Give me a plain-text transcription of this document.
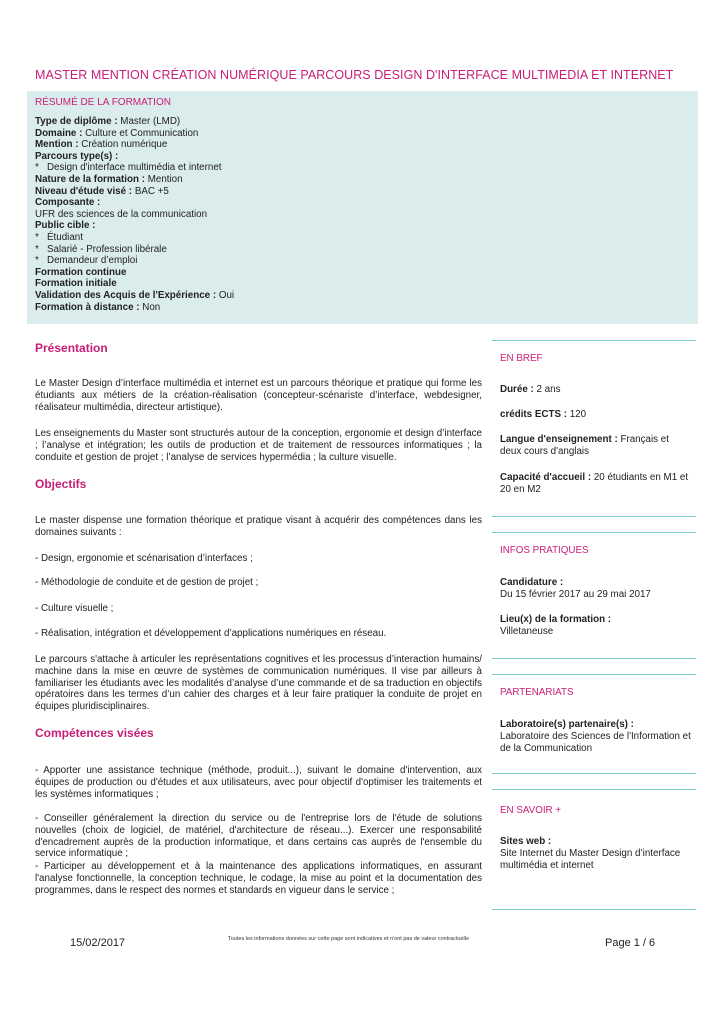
MASTER MENTION CRÉATION NUMÉRIQUE PARCOURS DESIGN D'INTERFACE MULTIMEDIA ET INTERNET
RÉSUMÉ DE LA FORMATION
Type de diplôme : Master (LMD)
Domaine : Culture et Communication
Mention : Création numérique
Parcours type(s) :
* Design d'interface multimédia et internet
Nature de la formation : Mention
Niveau d'étude visé : BAC +5
Composante :
UFR des sciences de la communication
Public cible :
* Étudiant
* Salarié - Profession libérale
* Demandeur d’emploi
Formation continue
Formation initiale
Validation des Acquis de l'Expérience : Oui
Formation à distance : Non
Présentation
Le Master Design d’interface multimédia et internet est un parcours théorique et pratique qui forme les étudiants aux métiers de la création-réalisation (concepteur-scénariste d’interface, webdesigner, réalisateur multimédia, directeur artistique).
Les enseignements du Master sont structurés autour de la conception, ergonomie et design d’interface ; l’analyse et intégration; les outils de production et de traitement de ressources informatiques ; la conduite et gestion de projet ; l’analyse de services hypermédia ; la culture visuelle.
Objectifs
Le master dispense une formation théorique et pratique visant à acquérir des compétences dans les domaines suivants :
- Design, ergonomie et scénarisation d’interfaces ;
- Méthodologie de conduite et de gestion de projet ;
- Culture visuelle ;
- Réalisation, intégration et développement d’applications numériques en réseau.
Le parcours s'attache à articuler les représentations cognitives et les processus d’interaction humains/ machine dans la mise en œuvre de systèmes de communication numériques. Il vise par ailleurs à familiariser les étudiants avec les modalités d’analyse d’une commande et de sa traduction en objectifs opératoires dans les termes d’un cahier des charges et à leur faire pratiquer la conduite de projet en équipes pluridisciplinaires.
Compétences visées
- Apporter une assistance technique (méthode, produit...), suivant le domaine d'intervention, aux équipes de production ou d'études et aux utilisateurs, avec pour objectif d'optimiser les traitements et les systèmes informatiques ;
- Conseiller généralement la direction du service ou de l'entreprise lors de l'étude de solutions nouvelles (choix de logiciel, de matériel, d'architecture de réseau...). Exercer une responsabilité d'encadrement auprès de la production informatique, et dans certains cas auprès de l'ensemble du service informatique ;
- Participer au développement et à la maintenance des applications informatiques, en assurant l'analyse fonctionnelle, la conception technique, le codage, la mise au point et la documentation des programmes, dans le respect des normes et standards en vigueur dans le service ;
EN BREF
Durée : 2 ans
crédits ECTS : 120
Langue d'enseignement : Français et deux cours d'anglais
Capacité d'accueil : 20 étudiants en M1 et 20 en M2
INFOS PRATIQUES
Candidature :
Du 15 février 2017 au 29 mai 2017
Lieu(x) de la formation :
Villetaneuse
PARTENARIATS
Laboratoire(s) partenaire(s) :
Laboratoire des Sciences de l'Information et de la Communication
EN SAVOIR +
Sites web :
Site Internet du Master Design d’interface multimédia et internet
15/02/2017	Toutes les informations données sur cette page sont indicatives et n'ont pas de valeur contractuelle	Page 1 / 6
